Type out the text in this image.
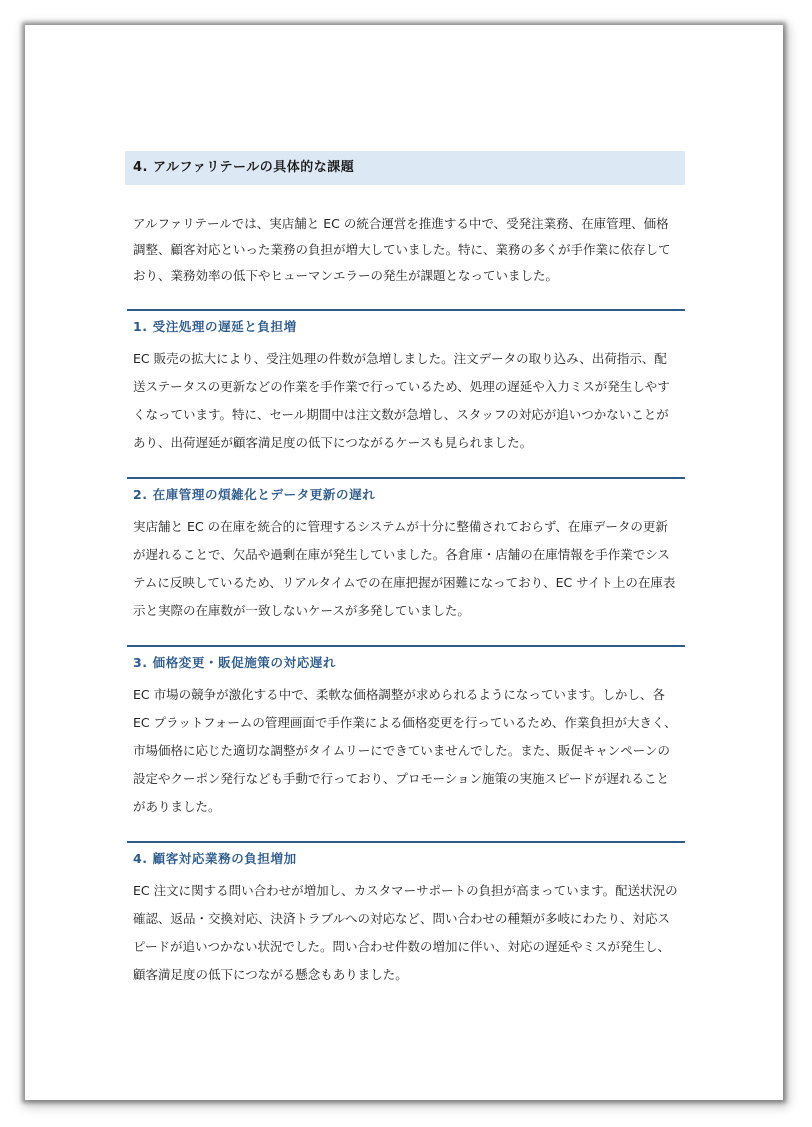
4. アルファリテールの具体的な課題
アルファリテールでは、実店舗と EC の統合運営を推進する中で、受発注業務、在庫管理、価格調整、顧客対応といった業務の負担が増大していました。特に、業務の多くが手作業に依存しており、業務効率の低下やヒューマンエラーの発生が課題となっていました。
1. 受注処理の遅延と負担増
EC 販売の拡大により、受注処理の件数が急増しました。注文データの取り込み、出荷指示、配送ステータスの更新などの作業を手作業で行っているため、処理の遅延や入力ミスが発生しやすくなっています。特に、セール期間中は注文数が急増し、スタッフの対応が追いつかないことがあり、出荷遅延が顧客満足度の低下につながるケースも見られました。
2. 在庫管理の煩雑化とデータ更新の遅れ
実店舗と EC の在庫を統合的に管理するシステムが十分に整備されておらず、在庫データの更新が遅れることで、欠品や過剰在庫が発生していました。各倉庫・店舗の在庫情報を手作業でシステムに反映しているため、リアルタイムでの在庫把握が困難になっており、EC サイト上の在庫表示と実際の在庫数が一致しないケースが多発していました。
3. 価格変更・販促施策の対応遅れ
EC 市場の競争が激化する中で、柔軟な価格調整が求められるようになっています。しかし、各 EC プラットフォームの管理画面で手作業による価格変更を行っているため、作業負担が大きく、市場価格に応じた適切な調整がタイムリーにできていませんでした。また、販促キャンペーンの設定やクーポン発行なども手動で行っており、プロモーション施策の実施スピードが遅れることがありました。
4. 顧客対応業務の負担増加
EC 注文に関する問い合わせが増加し、カスタマーサポートの負担が高まっています。配送状況の確認、返品・交換対応、決済トラブルへの対応など、問い合わせの種類が多岐にわたり、対応スピードが追いつかない状況でした。問い合わせ件数の増加に伴い、対応の遅延やミスが発生し、顧客満足度の低下につながる懸念もありました。
